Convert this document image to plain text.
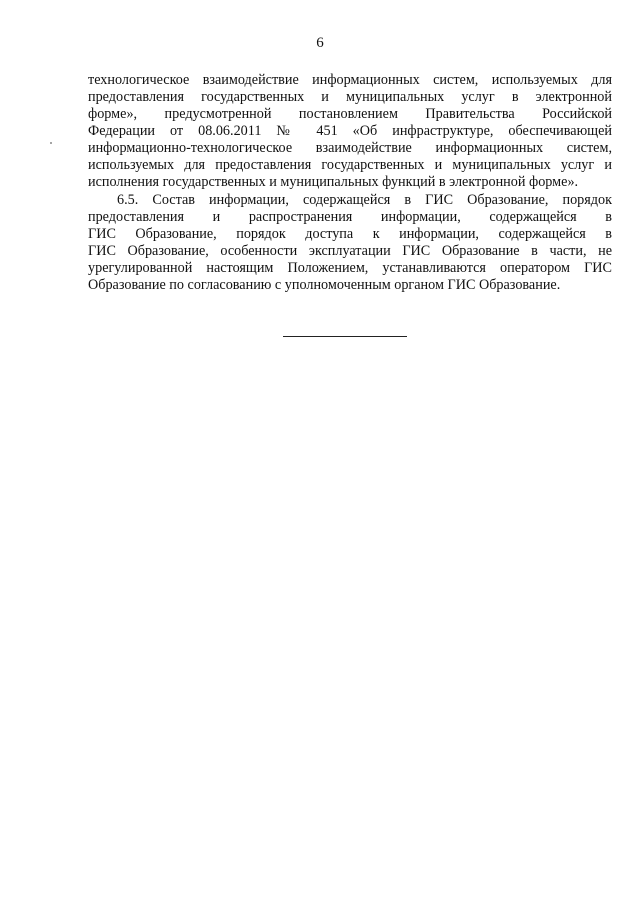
6
технологическое взаимодействие информационных систем, используемых для
предоставления государственных и муниципальных услуг в электронной
форме», предусмотренной постановлением Правительства Российской
Федерации от 08.06.2011 № 451 «Об инфраструктуре, обеспечивающей
информационно-технологическое взаимодействие информационных систем,
используемых для предоставления государственных и муниципальных услуг и
исполнения государственных и муниципальных функций в электронной форме».
6.5. Состав информации, содержащейся в ГИС Образование, порядок
предоставления и распространения информации, содержащейся в
ГИС Образование, порядок доступа к информации, содержащейся в
ГИС Образование, особенности эксплуатации ГИС Образование в части, не
урегулированной настоящим Положением, устанавливаются оператором ГИС
Образование по согласованию с уполномоченным органом ГИС Образование.
